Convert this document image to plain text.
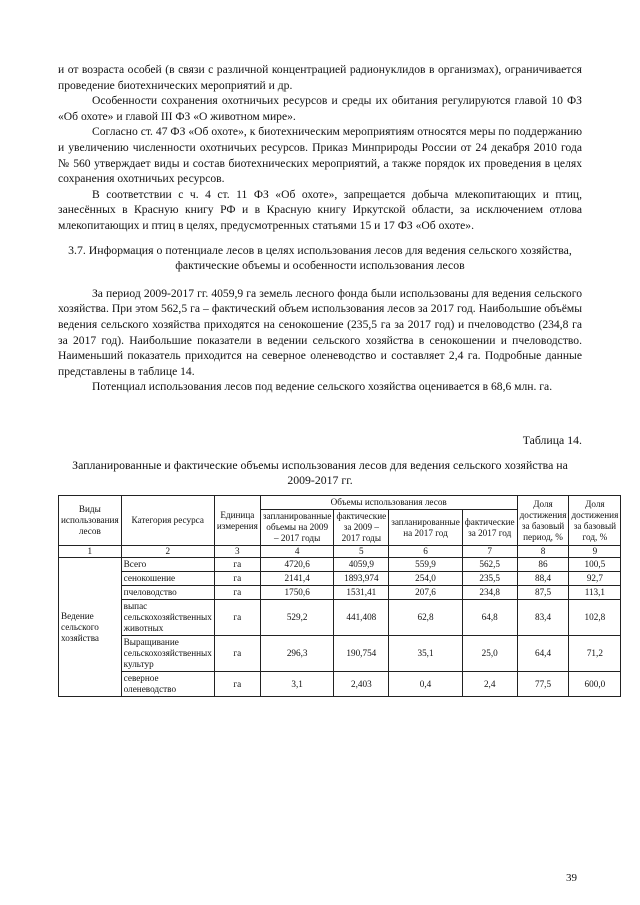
и от возраста особей (в связи с различной концентрацией радионуклидов в организмах), ограничивается проведение биотехнических мероприятий и др.

Особенности сохранения охотничьих ресурсов и среды их обитания регулируются главой 10 ФЗ «Об охоте» и главой III ФЗ «О животном мире».

Согласно ст. 47 ФЗ «Об охоте», к биотехническим мероприятиям относятся меры по поддержанию и увеличению численности охотничьих ресурсов. Приказ Минприроды России от 24 декабря 2010 года № 560 утверждает виды и состав биотехнических мероприятий, а также порядок их проведения в целях сохранения охотничьих ресурсов.

В соответствии с ч. 4 ст. 11 ФЗ «Об охоте», запрещается добыча млекопитающих и птиц, занесённых в Красную книгу РФ и в Красную книгу Иркутской области, за исключением отлова млекопитающих и птиц в целях, предусмотренных статьями 15 и 17 ФЗ «Об охоте».

3.7. Информация о потенциале лесов в целях использования лесов для ведения сельского хозяйства, фактические объемы и особенности использования лесов

За период 2009-2017 гг. 4059,9 га земель лесного фонда были использованы для ведения сельского хозяйства. При этом 562,5 га – фактический объем использования лесов за 2017 год. Наибольшие объёмы ведения сельского хозяйства приходятся на сенокошение (235,5 га за 2017 год) и пчеловодство (234,8 га за 2017 год). Наибольшие показатели в ведении сельского хозяйства в сенокошении и пчеловодство. Наименьший показатель приходится на северное оленеводство и составляет 2,4 га. Подробные данные представлены в таблице 14.

Потенциал использования лесов под ведение сельского хозяйства оценивается в 68,6 млн. га.

Таблица 14.

Запланированные и фактические объемы использования лесов для ведения сельского хозяйства на 2009-2017 гг.

Виды использования лесов	Категория ресурса	Единица измерения	Объемы использования лесов				Доля достижения за базовый период, %	Доля достижения за базовый год, %
			запланированные объемы на 2009 – 2017 годы	фактические за 2009 – 2017 годы	запланированные на 2017 год	фактические за 2017 год		
1	2	3	4	5	6	7	8	9
Ведение сельского хозяйства	Всего	га	4720,6	4059,9	559,9	562,5	86	100,5
	сенокошение	га	2141,4	1893,974	254,0	235,5	88,4	92,7
	пчеловодство	га	1750,6	1531,41	207,6	234,8	87,5	113,1
	выпас сельскохозяйственных животных	га	529,2	441,408	62,8	64,8	83,4	102,8
	Выращивание сельскохозяйственных культур	га	296,3	190,754	35,1	25,0	64,4	71,2
	северное оленеводство	га	3,1	2,403	0,4	2,4	77,5	600,0
39
